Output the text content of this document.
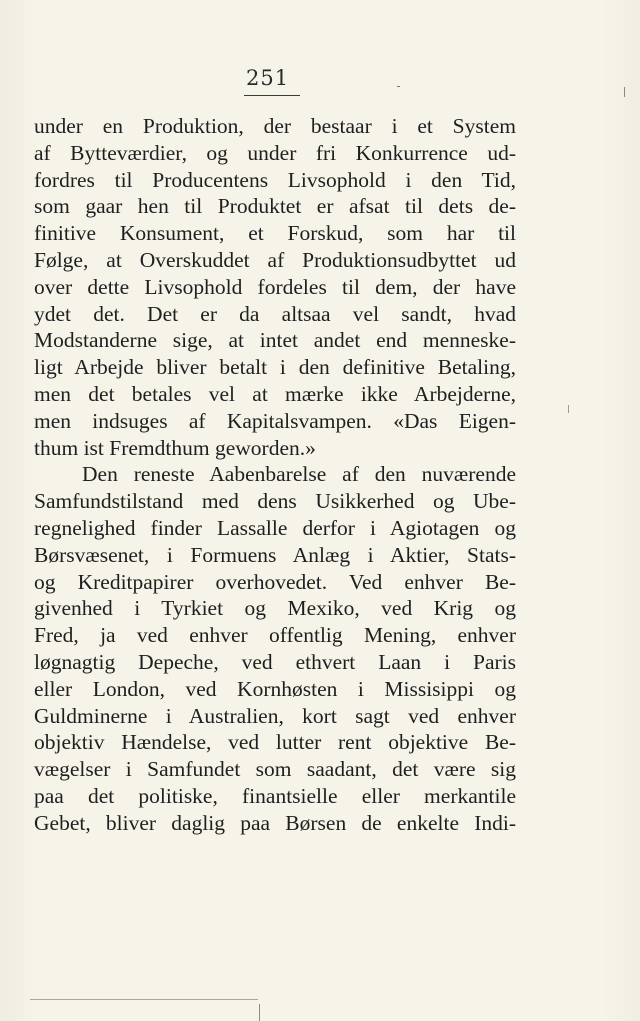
251
under en Produktion, der bestaar i et System
af Bytteværdier, og under fri Konkurrence ud-
fordres til Producentens Livsophold i den Tid,
som gaar hen til Produktet er afsat til dets de-
finitive Konsument, et Forskud, som har til
Følge, at Overskuddet af Produktionsudbyttet ud
over dette Livsophold fordeles til dem, der have
ydet det. Det er da altsaa vel sandt, hvad
Modstanderne sige, at intet andet end menneske-
ligt Arbejde bliver betalt i den definitive Betaling,
men det betales vel at mærke ikke Arbejderne,
men indsuges af Kapitalsvampen. «Das Eigen-
thum ist Fremdthum geworden.»
Den reneste Aabenbarelse af den nuværende
Samfundstilstand med dens Usikkerhed og Ube-
regnelighed finder Lassalle derfor i Agiotagen og
Børsvæsenet, i Formuens Anlæg i Aktier, Stats-
og Kreditpapirer overhovedet. Ved enhver Be-
givenhed i Tyrkiet og Mexiko, ved Krig og
Fred, ja ved enhver offentlig Mening, enhver
løgnagtig Depeche, ved ethvert Laan i Paris
eller London, ved Kornhøsten i Missisippi og
Guldminerne i Australien, kort sagt ved enhver
objektiv Hændelse, ved lutter rent objektive Be-
vægelser i Samfundet som saadant, det være sig
paa det politiske, finantsielle eller merkantile
Gebet, bliver daglig paa Børsen de enkelte Indi-
